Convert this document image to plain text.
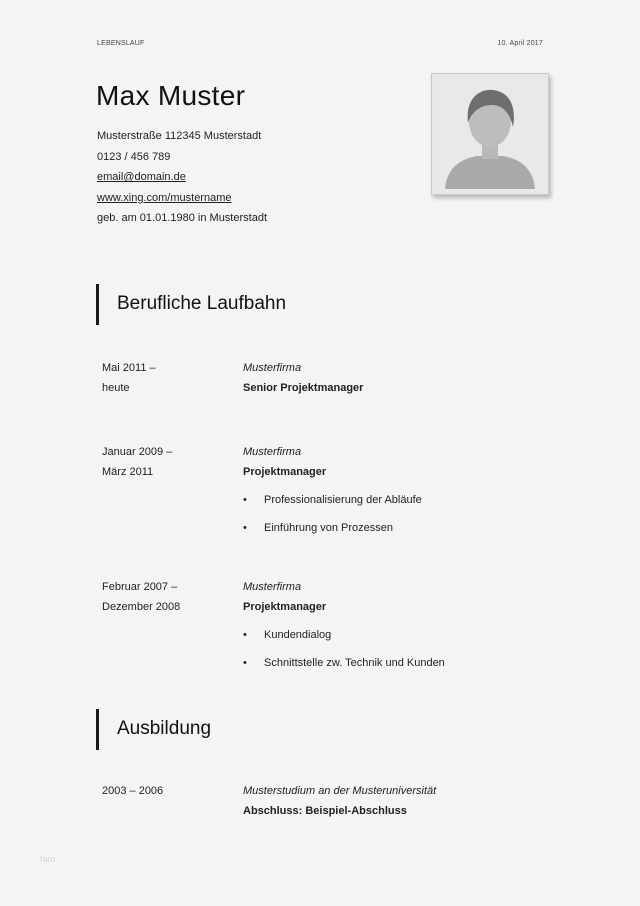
LEBENSLAUF	10. April 2017
Max Muster
Musterstraße 112345 Musterstadt
0123 / 456 789
email@domain.de
www.xing.com/mustername
geb. am 01.01.1980 in Musterstadt
Berufliche Laufbahn
Mai 2011 –
heute
Musterfirma
Senior Projektmanager
Januar 2009 –
März 2011
Musterfirma
Projektmanager
• Professionalisierung der Abläufe
• Einführung von Prozessen
Februar 2007 –
Dezember 2008
Musterfirma
Projektmanager
• Kundendialog
• Schnittstelle zw. Technik und Kunden
Ausbildung
2003 – 2006	Musterstudium an der Musteruniversität
Abschluss: Beispiel-Abschluss
faro
